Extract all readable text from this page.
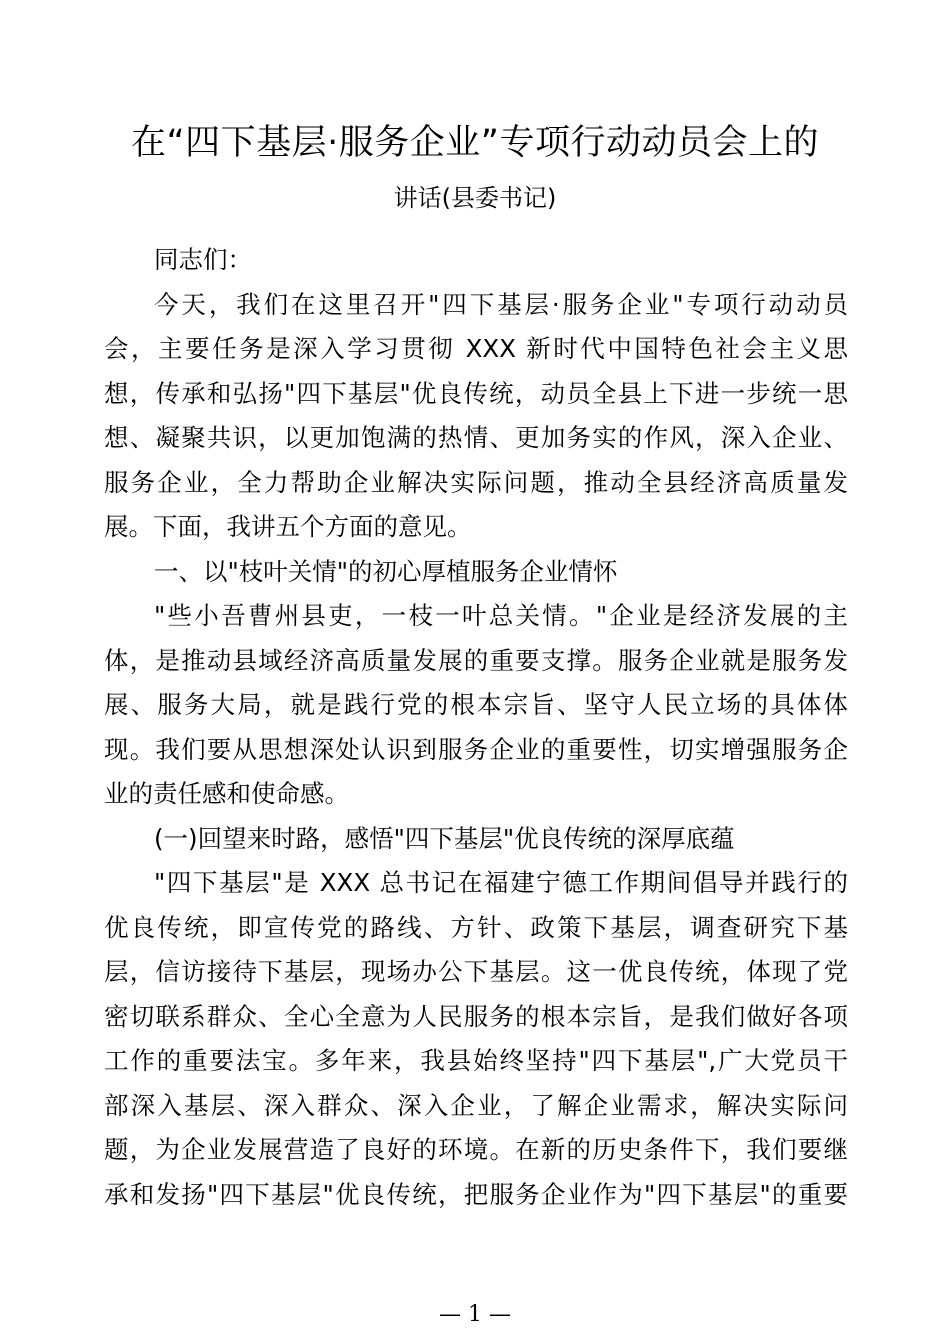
在“四下基层·服务企业”专项行动动员会上的
讲话(县委书记)
同志们：
今天，我们在这里召开"四下基层·服务企业"专项行动动员
会，主要任务是深入学习贯彻 XXX 新时代中国特色社会主义思
想，传承和弘扬"四下基层"优良传统，动员全县上下进一步统一思
想、凝聚共识，以更加饱满的热情、更加务实的作风，深入企业、
服务企业，全力帮助企业解决实际问题，推动全县经济高质量发
展。下面，我讲五个方面的意见。
一、以"枝叶关情"的初心厚植服务企业情怀
"些小吾曹州县吏，一枝一叶总关情。"企业是经济发展的主
体，是推动县域经济高质量发展的重要支撑。服务企业就是服务发
展、服务大局，就是践行党的根本宗旨、坚守人民立场的具体体
现。我们要从思想深处认识到服务企业的重要性，切实增强服务企
业的责任感和使命感。
(一)回望来时路，感悟"四下基层"优良传统的深厚底蕴
"四下基层"是 XXX 总书记在福建宁德工作期间倡导并践行的
优良传统，即宣传党的路线、方针、政策下基层，调查研究下基
层，信访接待下基层，现场办公下基层。这一优良传统，体现了党
密切联系群众、全心全意为人民服务的根本宗旨，是我们做好各项
工作的重要法宝。多年来，我县始终坚持"四下基层",广大党员干
部深入基层、深入群众、深入企业，了解企业需求，解决实际问
题，为企业发展营造了良好的环境。在新的历史条件下，我们要继
承和发扬"四下基层"优良传统，把服务企业作为"四下基层"的重要
— 1 —
